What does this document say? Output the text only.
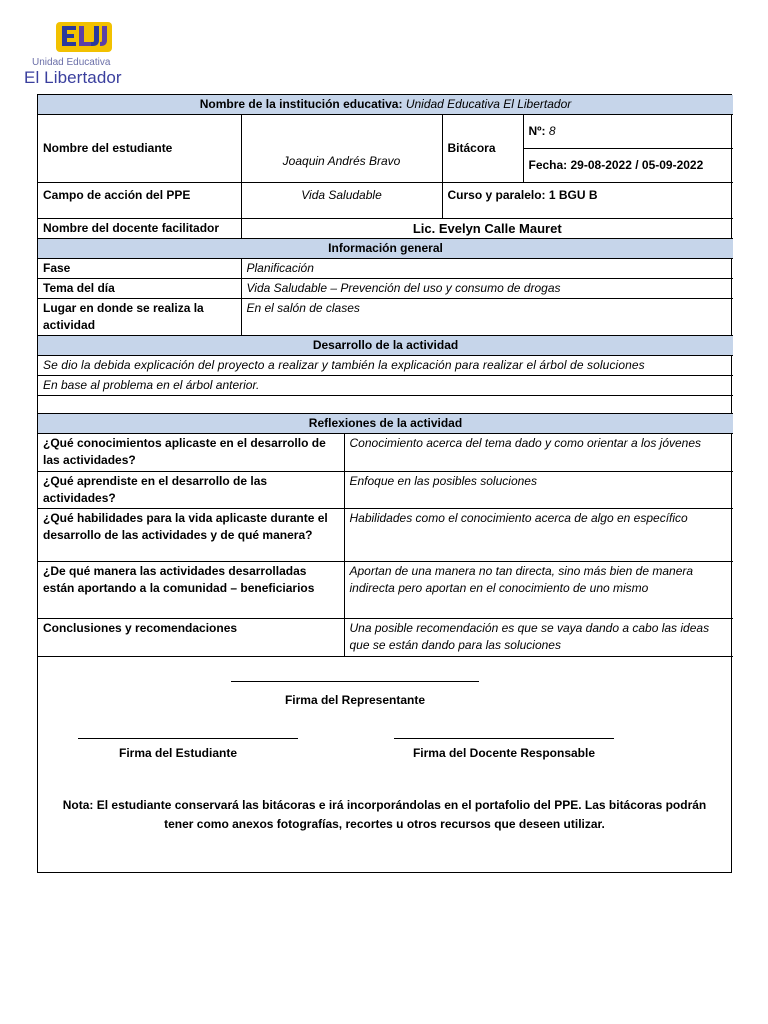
Unidad Educativa
El Libertador
Nombre de la institución educativa: Unidad Educativa El Libertador				
Nombre del estudiante	Joaquin Andrés Bravo		Bitácora	Nº: 8
				Fecha: 29-08-2022 / 05-09-2022
Campo de acción del PPE	Vida Saludable		Curso y paralelo: 1 BGU B	
Nombre del docente facilitador	Lic. Evelyn Calle Mauret			
Información general				
Fase	Planificación			
Tema del día	Vida Saludable – Prevención del uso y consumo de drogas			
Lugar en donde se realiza la actividad	En el salón de clases			
Desarrollo de la actividad				
Se dio la debida explicación del proyecto a realizar y también la explicación para realizar el árbol de soluciones				
En base al problema en el árbol anterior.				

Reflexiones de la actividad				
¿Qué conocimientos aplicaste en el desarrollo de las actividades?		Conocimiento acerca del tema dado y como orientar a los jóvenes		
¿Qué aprendiste en el desarrollo de las actividades?		Enfoque en las posibles soluciones		
¿Qué habilidades para la vida aplicaste durante el desarrollo de las actividades y de qué manera?		Habilidades como el conocimiento acerca de algo en específico		
¿De qué manera las actividades desarrolladas están aportando a la comunidad – beneficiarios		Aportan de una manera no tan directa, sino más bien de manera indirecta pero aportan en el conocimiento de uno mismo		
Conclusiones y recomendaciones		Una posible recomendación es que se vaya dando a cabo las ideas que se están dando para las soluciones		
Firma del Representante
Firma del Estudiante	Firma del Docente Responsable
Nota: El estudiante conservará las bitácoras e irá incorporándolas en el portafolio del PPE. Las bitácoras podrán tener como anexos fotografías, recortes u otros recursos que deseen utilizar.
